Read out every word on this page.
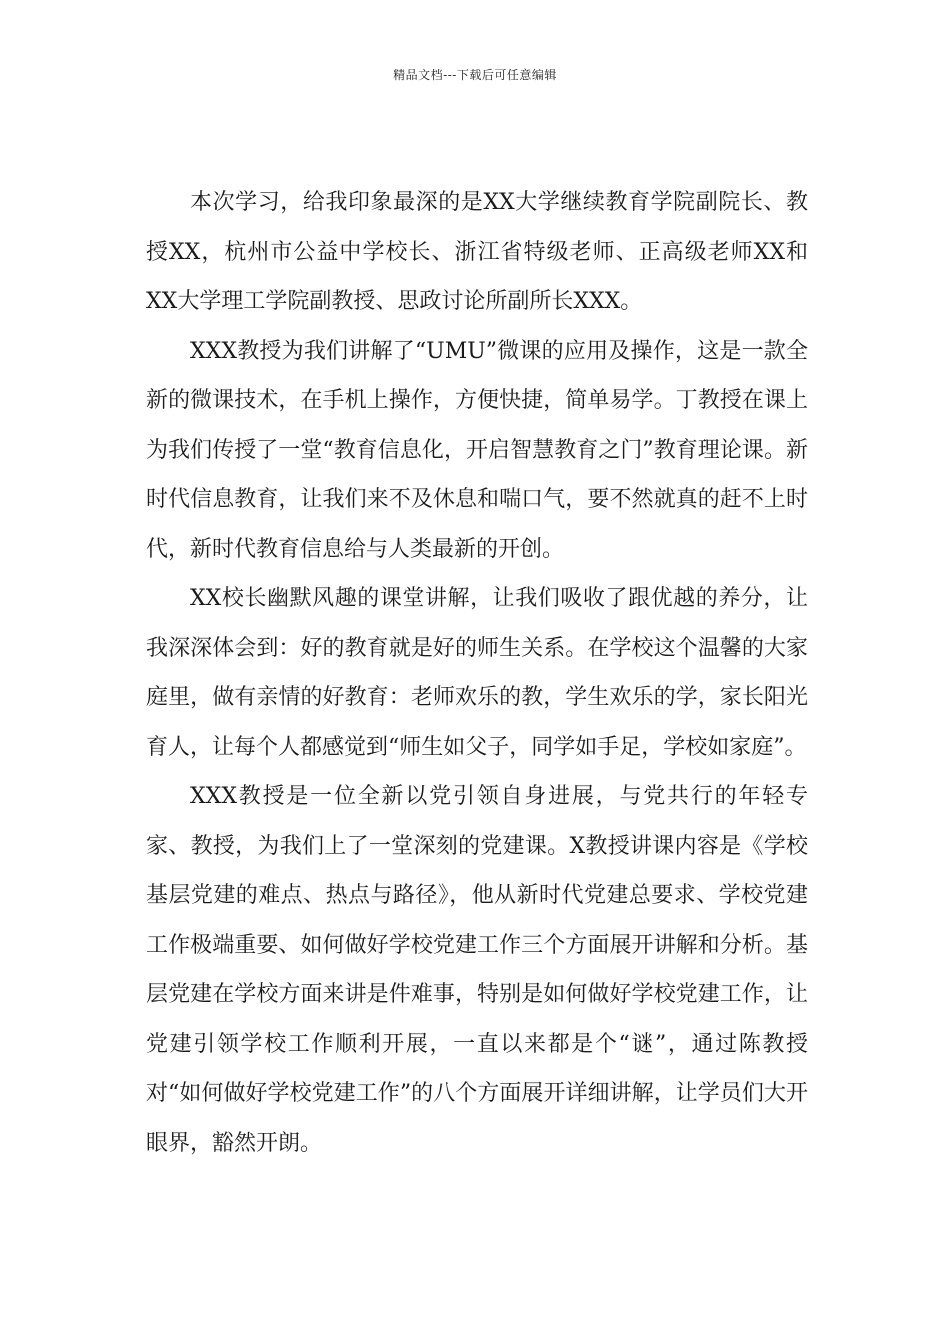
精品文档---下载后可任意编辑

本次学习，给我印象最深的是XX大学继续教育学院副院长、教授XX，杭州市公益中学校长、浙江省特级老师、正高级老师XX和XX大学理工学院副教授、思政讨论所副所长XXX。

XXX教授为我们讲解了“UMU”微课的应用及操作，这是一款全新的微课技术，在手机上操作，方便快捷，简单易学。丁教授在课上为我们传授了一堂“教育信息化，开启智慧教育之门”教育理论课。新时代信息教育，让我们来不及休息和喘口气，要不然就真的赶不上时代，新时代教育信息给与人类最新的开创。

XX校长幽默风趣的课堂讲解，让我们吸收了跟优越的养分，让我深深体会到：好的教育就是好的师生关系。在学校这个温馨的大家庭里，做有亲情的好教育：老师欢乐的教，学生欢乐的学，家长阳光育人，让每个人都感觉到“师生如父子，同学如手足，学校如家庭”。

XXX教授是一位全新以党引领自身进展，与党共行的年轻专家、教授，为我们上了一堂深刻的党建课。X教授讲课内容是《学校基层党建的难点、热点与路径》，他从新时代党建总要求、学校党建工作极端重要、如何做好学校党建工作三个方面展开讲解和分析。基层党建在学校方面来讲是件难事，特别是如何做好学校党建工作，让党建引领学校工作顺利开展，一直以来都是个“谜”，通过陈教授对“如何做好学校党建工作”的八个方面展开详细讲解，让学员们大开眼界，豁然开朗。
